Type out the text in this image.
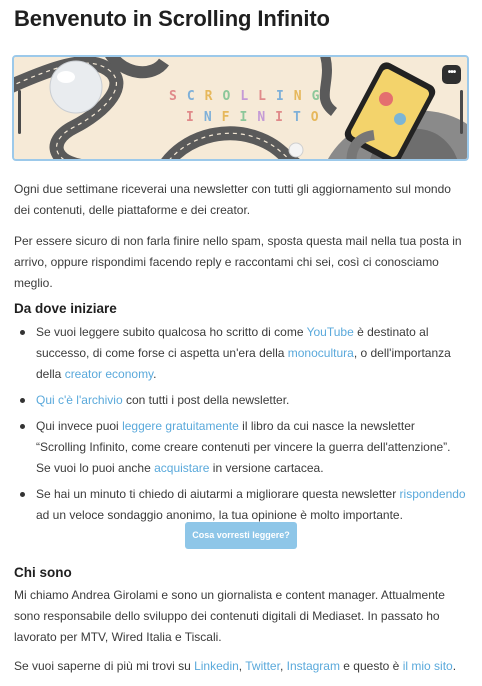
Benvenuto in Scrolling Infinito
SCROLLING
INFINITO
•••

Ogni due settimane riceverai una newsletter con tutti gli aggiornamento sul mondo dei contenuti, delle piattaforme e dei creator.

Per essere sicuro di non farla finire nello spam, sposta questa mail nella tua posta in arrivo, oppure rispondimi facendo reply e raccontami chi sei, così ci conosciamo meglio.

Da dove iniziare
Se vuoi leggere subito qualcosa ho scritto di come YouTube è destinato al successo, di come forse ci aspetta un'era della monocultura, o dell'importanza della creator economy.
Qui c'è l'archivio con tutti i post della newsletter.
Qui invece puoi leggere gratuitamente il libro da cui nasce la newsletter “Scrolling Infinito, come creare contenuti per vincere la guerra dell'attenzione”. Se vuoi lo puoi anche acquistare in versione cartacea.
Se hai un minuto ti chiedo di aiutarmi a migliorare questa newsletter rispondendo ad un veloce sondaggio anonimo, la tua opinione è molto importante.
Cosa vorresti leggere?
Chi sono

Mi chiamo Andrea Girolami e sono un giornalista e content manager. Attualmente sono responsabile dello sviluppo dei contenuti digitali di Mediaset. In passato ho lavorato per MTV, Wired Italia e Tiscali.

Se vuoi saperne di più mi trovi su Linkedin, Twitter, Instagram e questo è il mio sito.
